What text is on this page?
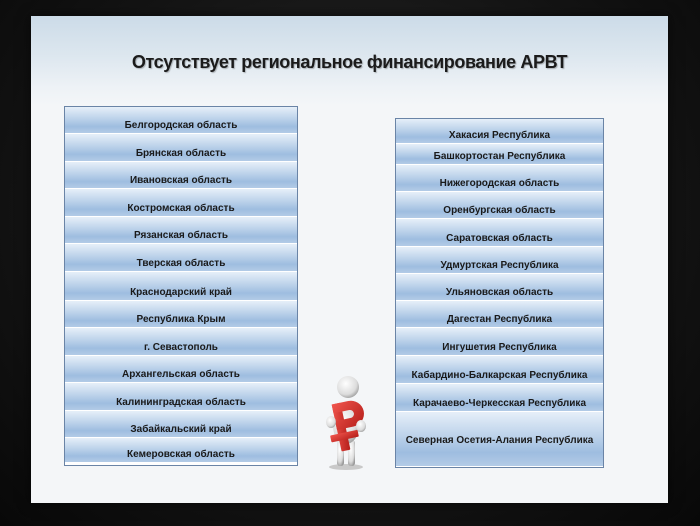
Отсутствует региональное финансирование АРВТ
Белгородская область
Брянская область
Ивановская область
Костромская область
Рязанская область
Тверская область
Краснодарский край
Республика Крым
г. Севастополь
Архангельская область
Калининградская область
Забайкальский край
Кемеровская область
Хакасия Республика
Башкортостан Республика
Нижегородская область
Оренбургская область
Саратовская область
Удмуртская Республика
Ульяновская область
Дагестан Республика
Ингушетия Республика
Кабардино-Балкарская Республика
Карачаево-Черкесская Республика
Северная Осетия-Алания Республика
